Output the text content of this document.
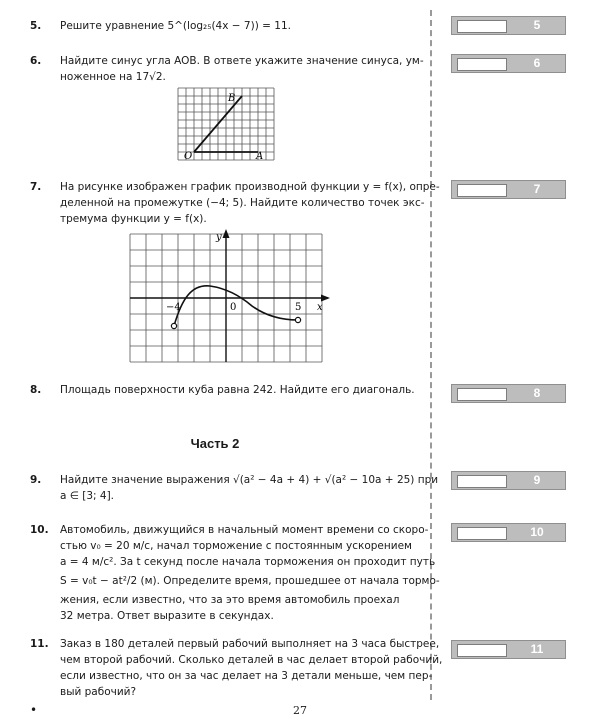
5. Решите уравнение 5^(log₂₅(4x − 7)) = 11.	5
6. Найдите синус угла AOB. В ответе укажите значение синуса, ум-
ноженное на 17√2.
6
O	A
B
7. На рисунке изображен график производной функции y = f(x), опре-
деленной на промежутке (−4; 5). Найдите количество точек экс-
тремума функции y = f(x).
7
−4	0	5 x
y
8. Площадь поверхности куба равна 242. Найдите его диагональ.	8
Часть 2
9. Найдите значение выражения √(a² − 4a + 4) + √(a² − 10a + 25) при
a ∈ [3; 4].
9
10. Автомобиль, движущийся в начальный момент времени со скоро-
стью v₀ = 20 м/с, начал торможение с постоянным ускорением
a = 4 м/с². За t секунд после начала торможения он проходит путь
S = v₀t − at²/2 (м). Определите время, прошедшее от начала тормо-
жения, если известно, что за это время автомобиль проехал
32 метра. Ответ выразите в секундах.
10
11. Заказ в 180 деталей первый рабочий выполняет на 3 часа быстрее,
чем второй рабочий. Сколько деталей в час делает второй рабочий,
если известно, что он за час делает на 3 детали меньше, чем пер-
вый рабочий?
11
•	27
